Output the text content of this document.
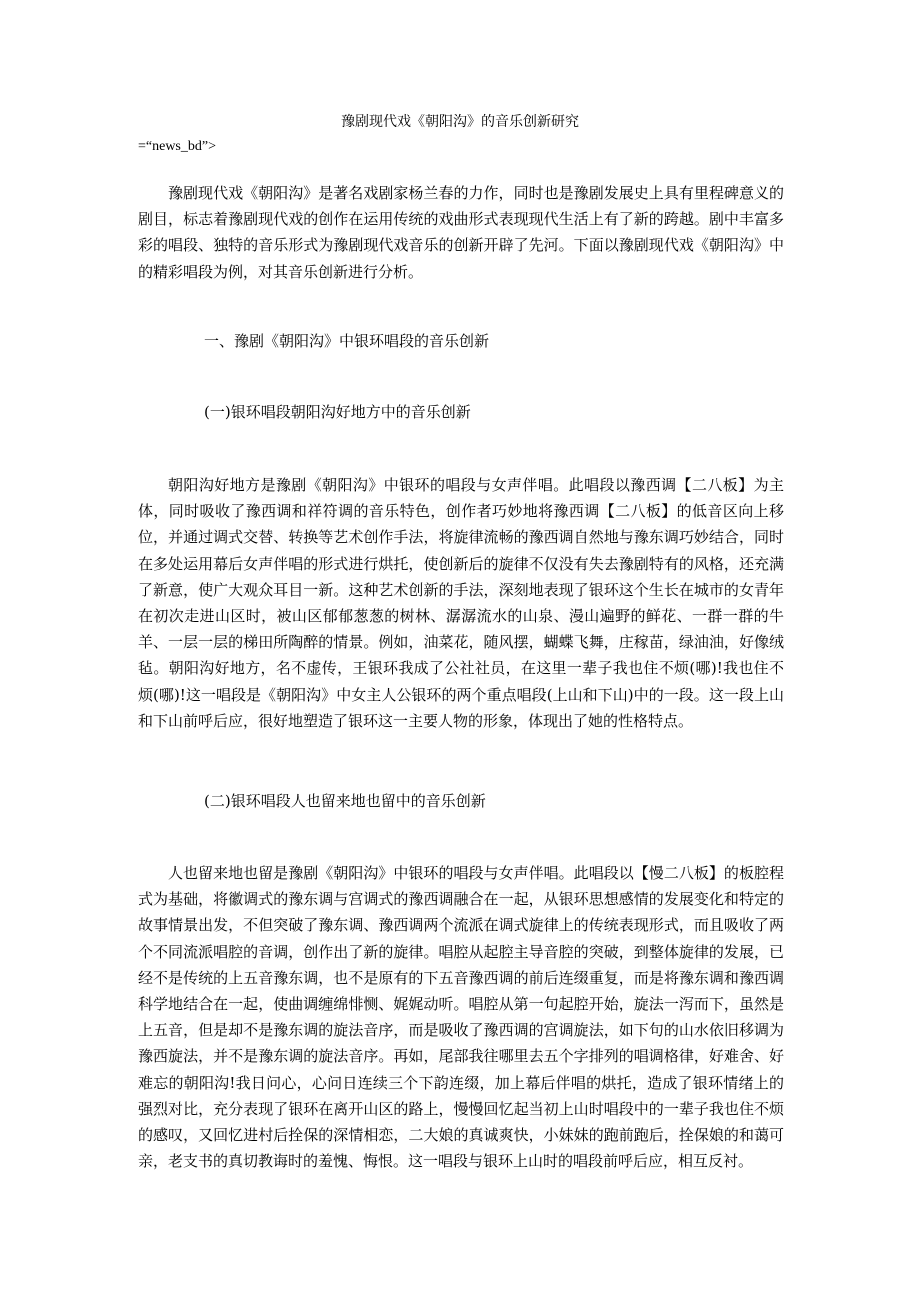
豫剧现代戏《朝阳沟》的音乐创新研究
=“news_bd”>

豫剧现代戏《朝阳沟》是著名戏剧家杨兰春的力作，同时也是豫剧发展史上具有里程碑意义的剧目，标志着豫剧现代戏的创作在运用传统的戏曲形式表现现代生活上有了新的跨越。剧中丰富多彩的唱段、独特的音乐形式为豫剧现代戏音乐的创新开辟了先河。下面以豫剧现代戏《朝阳沟》中的精彩唱段为例，对其音乐创新进行分析。

一、豫剧《朝阳沟》中银环唱段的音乐创新

(一)银环唱段朝阳沟好地方中的音乐创新

朝阳沟好地方是豫剧《朝阳沟》中银环的唱段与女声伴唱。此唱段以豫西调【二八板】为主体，同时吸收了豫西调和祥符调的音乐特色，创作者巧妙地将豫西调【二八板】的低音区向上移位，并通过调式交替、转换等艺术创作手法，将旋律流畅的豫西调自然地与豫东调巧妙结合，同时在多处运用幕后女声伴唱的形式进行烘托，使创新后的旋律不仅没有失去豫剧特有的风格，还充满了新意，使广大观众耳目一新。这种艺术创新的手法，深刻地表现了银环这个生长在城市的女青年在初次走进山区时，被山区郁郁葱葱的树林、潺潺流水的山泉、漫山遍野的鲜花、一群一群的牛羊、一层一层的梯田所陶醉的情景。例如，油菜花，随风摆，蝴蝶飞舞，庄稼苗，绿油油，好像绒毡。朝阳沟好地方，名不虚传，王银环我成了公社社员，在这里一辈子我也住不烦(哪)!我也住不烦(哪)!这一唱段是《朝阳沟》中女主人公银环的两个重点唱段(上山和下山)中的一段。这一段上山和下山前呼后应，很好地塑造了银环这一主要人物的形象，体现出了她的性格特点。

(二)银环唱段人也留来地也留中的音乐创新

人也留来地也留是豫剧《朝阳沟》中银环的唱段与女声伴唱。此唱段以【慢二八板】的板腔程式为基础，将徽调式的豫东调与宫调式的豫西调融合在一起，从银环思想感情的发展变化和特定的故事情景出发，不但突破了豫东调、豫西调两个流派在调式旋律上的传统表现形式，而且吸收了两个不同流派唱腔的音调，创作出了新的旋律。唱腔从起腔主导音腔的突破，到整体旋律的发展，已经不是传统的上五音豫东调，也不是原有的下五音豫西调的前后连缀重复，而是将豫东调和豫西调科学地结合在一起，使曲调缠绵悱恻、娓娓动听。唱腔从第一句起腔开始，旋法一泻而下，虽然是上五音，但是却不是豫东调的旋法音序，而是吸收了豫西调的宫调旋法，如下句的山水依旧移调为豫西旋法，并不是豫东调的旋法音序。再如，尾部我往哪里去五个字排列的唱调格律，好难舍、好难忘的朝阳沟!我日问心，心问日连续三个下韵连缀，加上幕后伴唱的烘托，造成了银环情绪上的强烈对比，充分表现了银环在离开山区的路上，慢慢回忆起当初上山时唱段中的一辈子我也住不烦的感叹，又回忆进村后拴保的深情相恋，二大娘的真诚爽快，小妹妹的跑前跑后，拴保娘的和蔼可亲，老支书的真切教诲时的羞愧、悔恨。这一唱段与银环上山时的唱段前呼后应，相互反衬。
